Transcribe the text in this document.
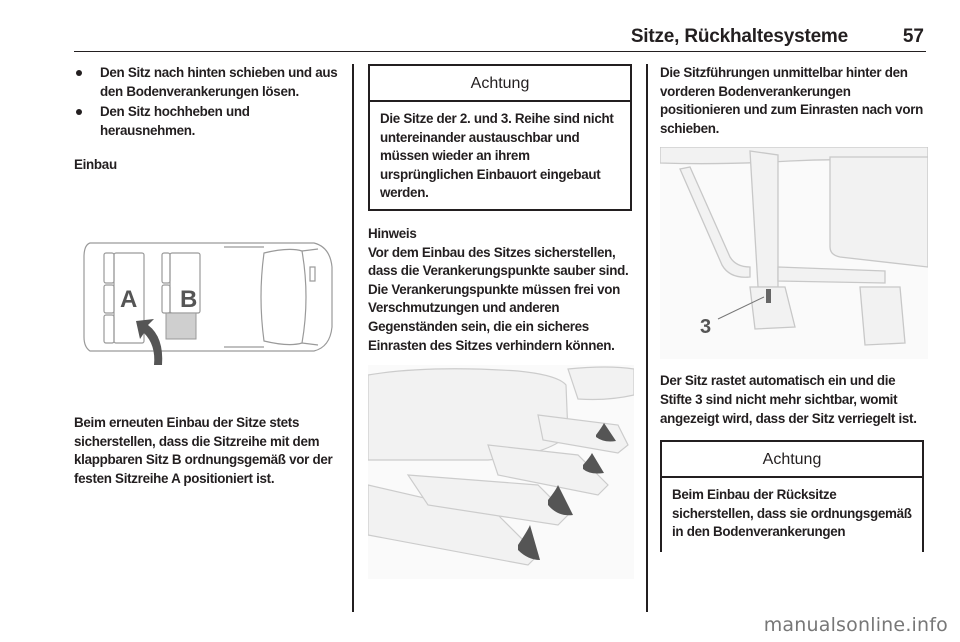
Sitze, Rückhaltesysteme	57
Den Sitz nach hinten schieben und aus den Bodenverankerungen lösen.
Den Sitz hochheben und herausnehmen.
Einbau
A B
Beim erneuten Einbau der Sitze stets sicherstellen, dass die Sitzreihe mit dem klappbaren Sitz B ordnungsgemäß vor der festen Sitzreihe A positioniert ist.
Achtung
Die Sitze der 2. und 3. Reihe sind nicht untereinander austauschbar und müssen wieder an ihrem ursprünglichen Einbauort eingebaut werden.
Hinweis
Vor dem Einbau des Sitzes sicherstellen, dass die Verankerungspunkte sauber sind. Die Verankerungspunkte müssen frei von Verschmutzungen und anderen Gegenständen sein, die ein sicheres Einrasten des Sitzes verhindern können.
Die Sitzführungen unmittelbar hinter den vorderen Bodenverankerungen positionieren und zum Einrasten nach vorn schieben.
3
Der Sitz rastet automatisch ein und die Stifte 3 sind nicht mehr sichtbar, womit angezeigt wird, dass der Sitz verriegelt ist.
Achtung
Beim Einbau der Rücksitze sicherstellen, dass sie ordnungsgemäß in den Bodenverankerungen
manualsonline.info
